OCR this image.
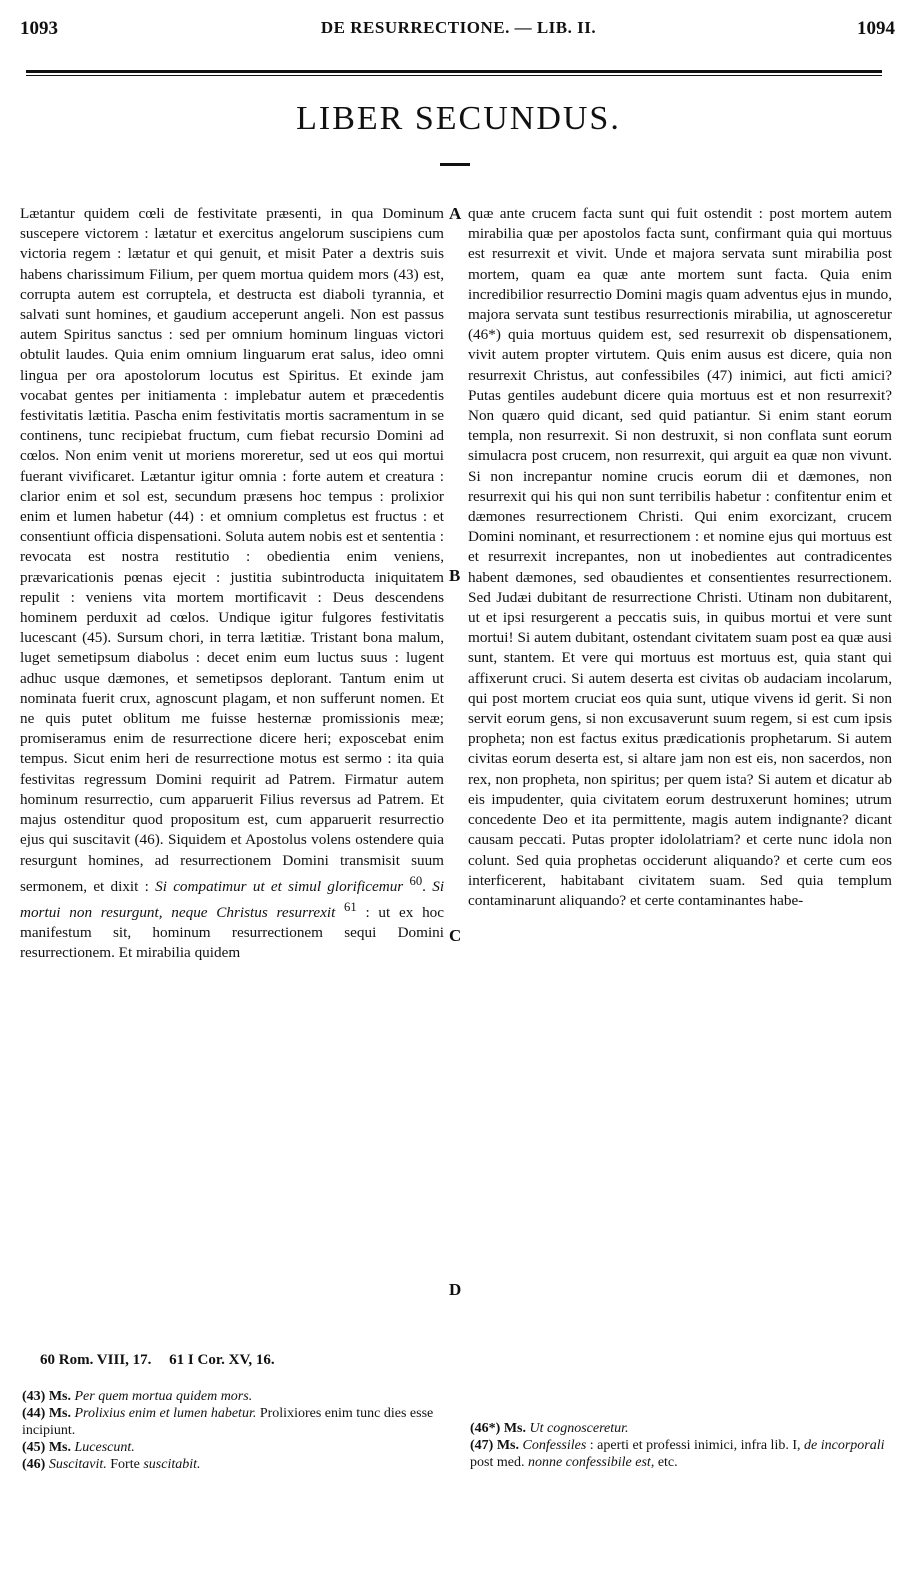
1093	DE RESURRECTIONE. — LIB. II.	1094
LIBER SECUNDUS.

Lætantur quidem cœli de festivitate præsenti, in qua Dominum suscepere victorem : lætatur et exercitus angelorum suscipiens cum victoria regem : lætatur et qui genuit, et misit Pater a dextris suis habens charissimum Filium, per quem mortua quidem mors (43) est, corrupta autem est corruptela, et destructa est diaboli tyrannia, et salvati sunt homines, et gaudium acceperunt angeli. Non est passus autem Spiritus sanctus : sed per omnium hominum linguas victori obtulit laudes. Quia enim omnium linguarum erat salus, ideo omni lingua per ora apostolorum locutus est Spiritus. Et exinde jam vocabat gentes per initiamenta : implebatur autem et præcedentis festivitatis lætitia. Pascha enim festivitatis mortis sacramentum in se continens, tunc recipiebat fructum, cum fiebat recursio Domini ad cœlos. Non enim venit ut moriens moreretur, sed ut eos qui mortui fuerant vivificaret. Lætantur igitur omnia : forte autem et creatura : clarior enim et sol est, secundum præsens hoc tempus : prolixior enim et lumen habetur (44) : et omnium completus est fructus : et consentiunt officia dispensationi. Soluta autem nobis est et sententia : revocata est nostra restitutio : obedientia enim veniens, prævaricationis pœnas ejecit : justitia subintroducta iniquitatem repulit : veniens vita mortem mortificavit : Deus descendens hominem perduxit ad cœlos. Undique igitur fulgores festivitatis lucescant (45). Sursum chori, in terra lætitiæ. Tristant bona malum, luget semetipsum diabolus : decet enim eum luctus suus : lugent adhuc usque dæmones, et semetipsos deplorant. Tantum enim ut nominata fuerit crux, agnoscunt plagam, et non sufferunt nomen. Et ne quis putet oblitum me fuisse hesternæ promissionis meæ; promiseramus enim de resurrectione dicere heri; exposcebat enim tempus. Sicut enim heri de resurrectione motus est sermo : ita quia festivitas regressum Domini requirit ad Patrem. Firmatur autem hominum resurrectio, cum apparuerit Filius reversus ad Patrem. Et majus ostenditur quod propositum est, cum apparuerit resurrectio ejus qui suscitavit (46). Siquidem et Apostolus volens ostendere quia resurgunt homines, ad resurrectionem Domini transmisit suum sermonem, et dixit : Si compatimur ut et simul glorificemur $^{60}$. Si mortui non resurgunt, neque Christus resurrexit $^{61}$ : ut ex hoc manifestum sit, hominum resurrectionem sequi Domini resurrectionem. Et mirabilia quidem

A
B
C
D

quæ ante crucem facta sunt qui fuit ostendit : post mortem autem mirabilia quæ per apostolos facta sunt, confirmant quia qui mortuus est resurrexit et vivit. Unde et majora servata sunt mirabilia post mortem, quam ea quæ ante mortem sunt facta. Quia enim incredibilior resurrectio Domini magis quam adventus ejus in mundo, majora servata sunt testibus resurrectionis mirabilia, ut agnosceretur (46*) quia mortuus quidem est, sed resurrexit ob dispensationem, vivit autem propter virtutem. Quis enim ausus est dicere, quia non resurrexit Christus, aut confessibiles (47) inimici, aut ficti amici? Putas gentiles audebunt dicere quia mortuus est et non resurrexit? Non quæro quid dicant, sed quid patiantur. Si enim stant eorum templa, non resurrexit. Si non destruxit, si non conflata sunt eorum simulacra post crucem, non resurrexit, qui arguit ea quæ non vivunt. Si non increpantur nomine crucis eorum dii et dæmones, non resurrexit qui his qui non sunt terribilis habetur : confitentur enim et dæmones resurrectionem Christi. Qui enim exorcizant, crucem Domini nominant, et resurrectionem : et nomine ejus qui mortuus est et resurrexit increpantes, non ut inobedientes aut contradicentes habent dæmones, sed obaudientes et consentientes resurrectionem. Sed Judæi dubitant de resurrectione Christi. Utinam non dubitarent, ut et ipsi resurgerent a peccatis suis, in quibus mortui et vere sunt mortui! Si autem dubitant, ostendant civitatem suam post ea quæ ausi sunt, stantem. Et vere qui mortuus est mortuus est, quia stant qui affixerunt cruci. Si autem deserta est civitas ob audaciam incolarum, qui post mortem cruciat eos quia sunt, utique vivens id gerit. Si non servit eorum gens, si non excusaverunt suum regem, si est cum ipsis propheta; non est factus exitus prædicationis prophetarum. Si autem civitas eorum deserta est, si altare jam non est eis, non sacerdos, non rex, non propheta, non spiritus; per quem ista? Si autem et dicatur ab eis impudenter, quia civitatem eorum destruxerunt homines; utrum concedente Deo et ita permittente, magis autem indignante? dicant causam peccati. Putas propter idololatriam? et certe nunc idola non colunt. Sed quia prophetas occiderunt aliquando? et certe cum eos interficerent, habitabant civitatem suam. Sed quia templum contaminarunt aliquando? et certe contaminantes habe-

60 Rom. VIII, 17. 61 I Cor. XV, 16.
(43) Ms. Per quem mortua quidem mors.
(44) Ms. Prolixius enim et lumen habetur. Prolixiores enim tunc dies esse incipiunt.
(45) Ms. Lucescunt.
(46) Suscitavit. Forte suscitabit.
(46*) Ms. Ut cognosceretur.
(47) Ms. Confessiles : aperti et professi inimici, infra lib. I, de incorporali post med. nonne confessibile est, etc.
